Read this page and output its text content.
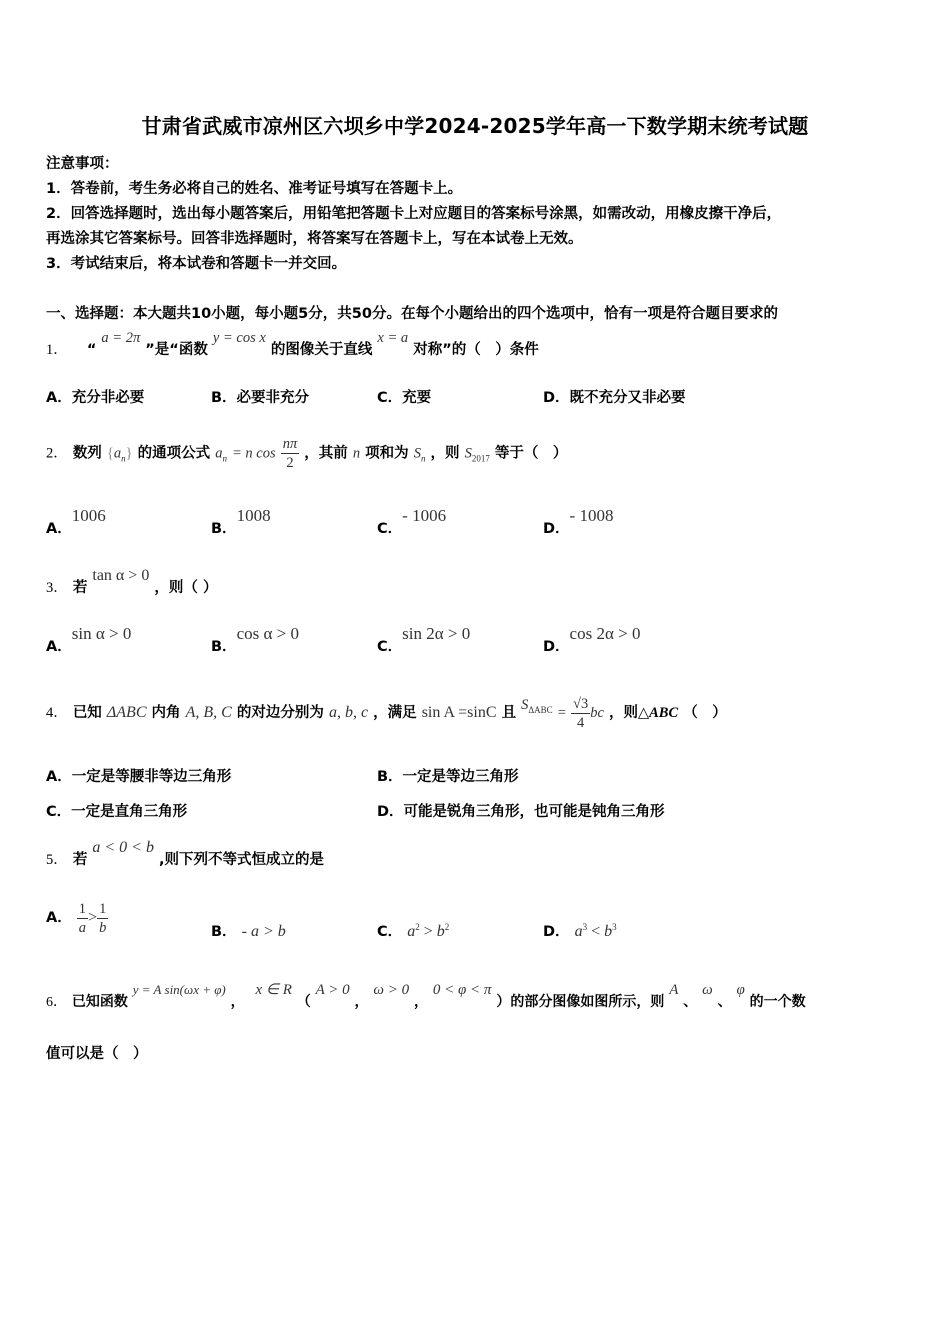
甘肃省武威市凉州区六坝乡中学2024-2025学年高一下数学期末统考试题
注意事项：
1．答卷前，考生务必将自己的姓名、准考证号填写在答题卡上。
2．回答选择题时，选出每小题答案后，用铅笔把答题卡上对应题目的答案标号涂黑，如需改动，用橡皮擦干净后，
再选涂其它答案标号。回答非选择题时，将答案写在答题卡上，写在本试卷上无效。
3．考试结束后，将本试卷和答题卡一并交回。
一、选择题：本大题共10小题，每小题5分，共50分。在每个小题给出的四个选项中，恰有一项是符合题目要求的
1． “ a = 2π ”是“函数 y = cos x 的图像关于直线 x = a 对称”的（　）条件
A．充分非必要	B．必要非充分	C．充要	D．既不充分又非必要
2． 数列 $\{a_n\}$ 的通项公式 $a_n = n$ $\cos \frac{n\pi}{2}$ ，其前 n 项和为 $S_n$ ，则 $S_{2017}$ 等于（　）
A．1006
B．1008
C．- 1006
D．- 1008
3． 若 tan α > 0 ，则（ ）
A．sin α > 0
B．cos α > 0
C．sin 2α > 0
D．cos 2α > 0
4． 已知 ΔABC 内角 A, B, C 的对边分别为 a, b, c ，满足 sin A =sinC 且 $S_{\Delta ABC} = \frac{√3}{4}$ bc ，则△ABC （　）
A．一定是等腰非等边三角形	B．一定是等边三角形
C．一定是直角三角形	D．可能是锐角三角形，也可能是钝角三角形
5． 若 a < 0 < b ,则下列不等式恒成立的是
A． $\frac{1}{a} > \frac{1}{b}$	B． - a > b	C． $a^2 > b^2$	D． $a^3 < b^3$
6． 已知函数 y = A sin(ωx + φ) ， x ∈ R （ A > 0 ， ω > 0 ， 0 < φ < π ）的部分图像如图所示，则 A 、 ω 、 φ 的一个数
值可以是（　）
